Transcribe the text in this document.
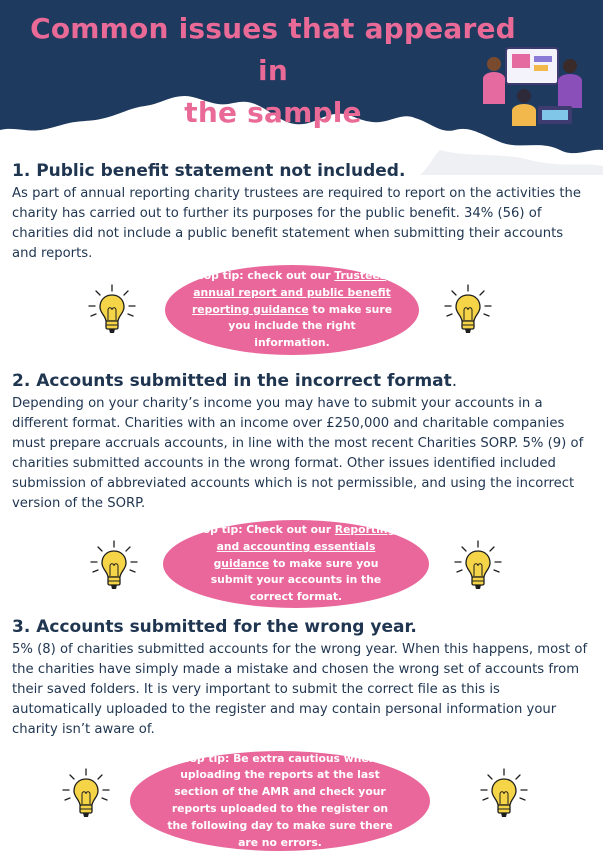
Common issues that appeared in
the sample
1. Public benefit statement not included.

As part of annual reporting charity trustees are required to report on the activities the charity has carried out to further its purposes for the public benefit. 34% (56) of charities did not include a public benefit statement when submitting their accounts and reports.

Top tip: check out our Trustees annual report and public benefit reporting guidance to make sure you include the right information.
2. Accounts submitted in the incorrect format.

Depending on your charity’s income you may have to submit your accounts in a different format. Charities with an income over £250,000 and charitable companies must prepare accruals accounts, in line with the most recent Charities SORP. 5% (9) of charities submitted accounts in the wrong format. Other issues identified included submission of abbreviated accounts which is not permissible, and using the incorrect version of the SORP.

Top tip: Check out our Reporting and accounting essentials guidance to make sure you submit your accounts in the correct format.
3. Accounts submitted for the wrong year.

5% (8) of charities submitted accounts for the wrong year. When this happens, most of the charities have simply made a mistake and chosen the wrong set of accounts from their saved folders. It is very important to submit the correct file as this is automatically uploaded to the register and may contain personal information your charity isn’t aware of.

Top tip: Be extra cautious when uploading the reports at the last section of the AMR and check your reports uploaded to the register on the following day to make sure there are no errors.
